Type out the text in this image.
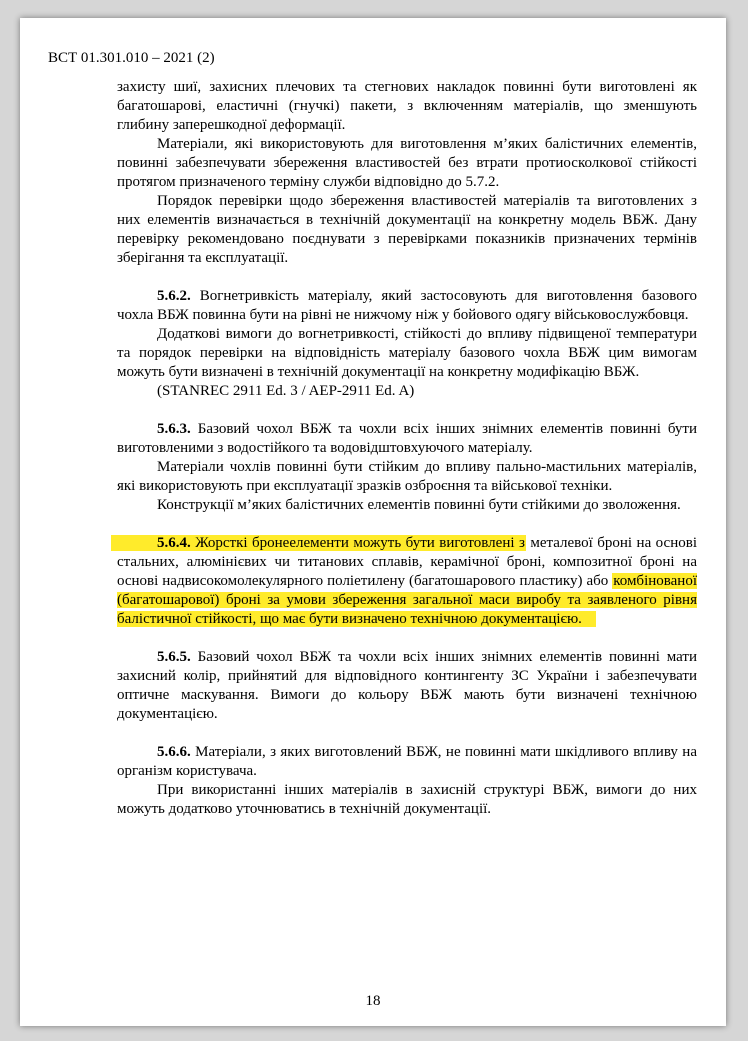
ВСТ 01.301.010 – 2021 (2)

захисту шиї, захисних плечових та стегнових накладок повинні бути виготовлені як багатошарові, еластичні (гнучкі) пакети, з включенням матеріалів, що зменшують глибину заперешкодної деформації.

Матеріали, які використовують для виготовлення м’яких балістичних елементів, повинні забезпечувати збереження властивостей без втрати протиосколкової стійкості протягом призначеного терміну служби відповідно до 5.7.2.

Порядок перевірки щодо збереження властивостей матеріалів та виготовлених з них елементів визначається в технічній документації на конкретну модель ВБЖ. Дану перевірку рекомендовано поєднувати з перевірками показників призначених термінів зберігання та експлуатації.

5.6.2. Вогнетривкість матеріалу, який застосовують для виготовлення базового чохла ВБЖ повинна бути на рівні не нижчому ніж у бойового одягу військовослужбовця.

Додаткові вимоги до вогнетривкості, стійкості до впливу підвищеної температури та порядок перевірки на відповідність матеріалу базового чохла ВБЖ цим вимогам можуть бути визначені в технічній документації на конкретну модифікацію ВБЖ.

(STANREC 2911 Ed. 3 / AEP-2911 Ed. A)

5.6.3. Базовий чохол ВБЖ та чохли всіх інших знімних елементів повинні бути виготовленими з водостійкого та водовідштовхуючого матеріалу.

Матеріали чохлів повинні бути стійким до впливу пально-мастильних матеріалів, які використовують при експлуатації зразків озброєння та військової техніки.

Конструкції м’яких балістичних елементів повинні бути стійкими до зволоження.

5.6.4. Жорсткі бронеелементи можуть бути виготовлені з металевої броні на основі стальних, алюмінієвих чи титанових сплавів, керамічної броні, композитної броні на основі надвисокомолекулярного поліетилену (багатошарового пластику) або комбінованої (багатошарової) броні за умови збереження загальної маси виробу та заявленого рівня балістичної стійкості, що має бути визначено технічною документацією.

5.6.5. Базовий чохол ВБЖ та чохли всіх інших знімних елементів повинні мати захисний колір, прийнятий для відповідного контингенту ЗС України і забезпечувати оптичне маскування. Вимоги до кольору ВБЖ мають бути визначені технічною документацією.

5.6.6. Матеріали, з яких виготовлений ВБЖ, не повинні мати шкідливого впливу на організм користувача.

При використанні інших матеріалів в захисній структурі ВБЖ, вимоги до них можуть додатково уточнюватись в технічній документації.

18
